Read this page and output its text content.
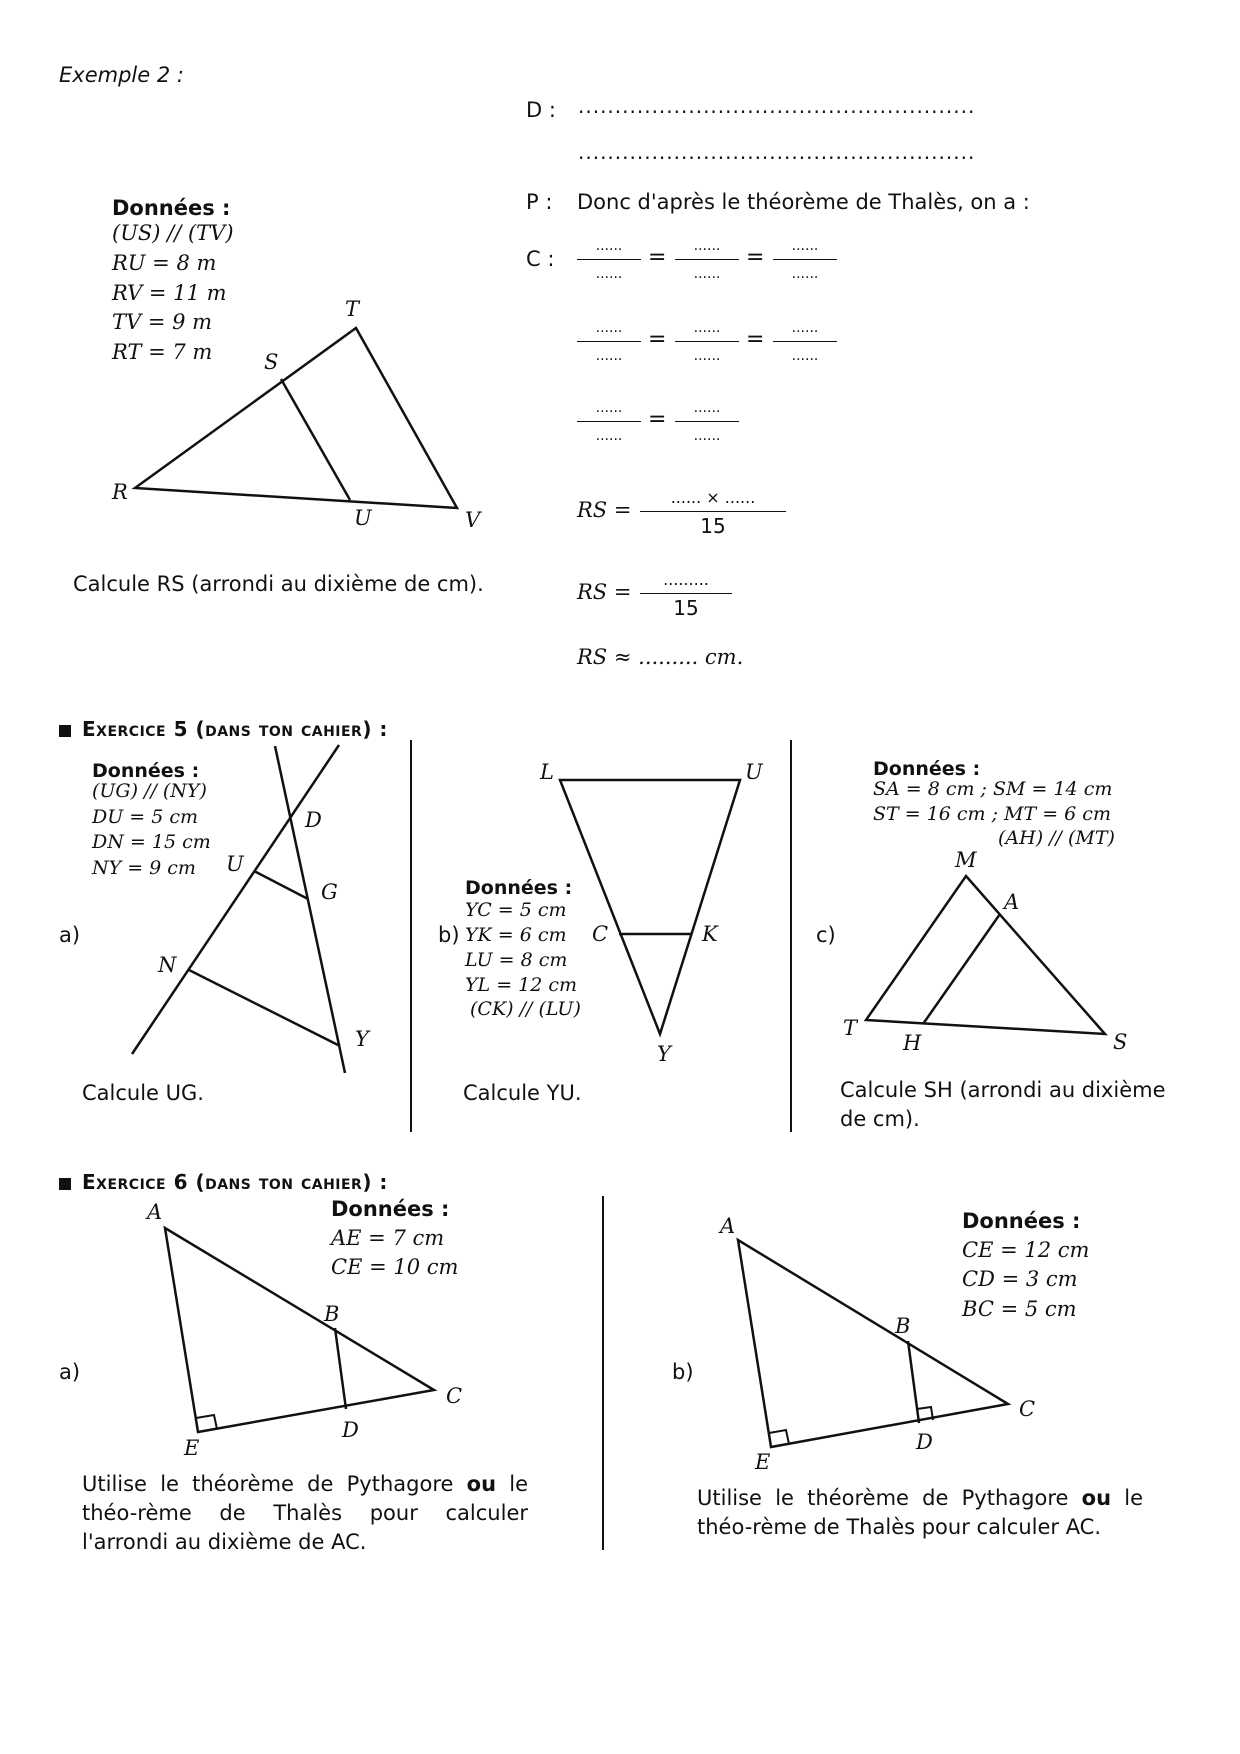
Exemple 2 :
Données :
(US) // (TV)
RU = 8 m
RV = 11 m
TV = 9 m
RT = 7 m
T
S
R
U	V
Calcule RS (arrondi au dixième de cm).
D : ......................................................
......................................................
P : Donc d'après le théorème de Thalès, on a :
C :
......
......
=	......
......
=	......
......
......
......
=	......
......
=	......
......
......
......
=	......
......
RS =
...... × ......
15
RS =
.........
15
RS ≈ ......... cm.
Exercice 5 (dans ton cahier) :
Données :
(UG) // (NY)
DU = 5 cm
DN = 15 cm
NY = 9 cm
a)
D
U
G
N
Y
Calcule UG.
Données :
YC = 5 cm
YK = 6 cm
LU = 8 cm
YL = 12 cm
(CK) // (LU)
b)
L	U
C	K
Y
Calcule YU.
Données :
SA = 8 cm ; SM = 14 cm
ST = 16 cm ; MT = 6 cm
(AH) // (MT)
c)
M
A
T
H	S
Calcule SH (arrondi au dixième
de cm).
Exercice 6 (dans ton cahier) :
Données :
AE = 7 cm
CE = 10 cm
a)
A
B
C
D
E
Utilise le théorème de Pythagore ou le théo-rème de Thalès pour calculer l'arrondi au dixième de AC.
Données :
CE = 12 cm
CD = 3 cm
BC = 5 cm
b)
A
B
C
D
E
Utilise le théorème de Pythagore ou le théo-rème de Thalès pour calculer AC.
